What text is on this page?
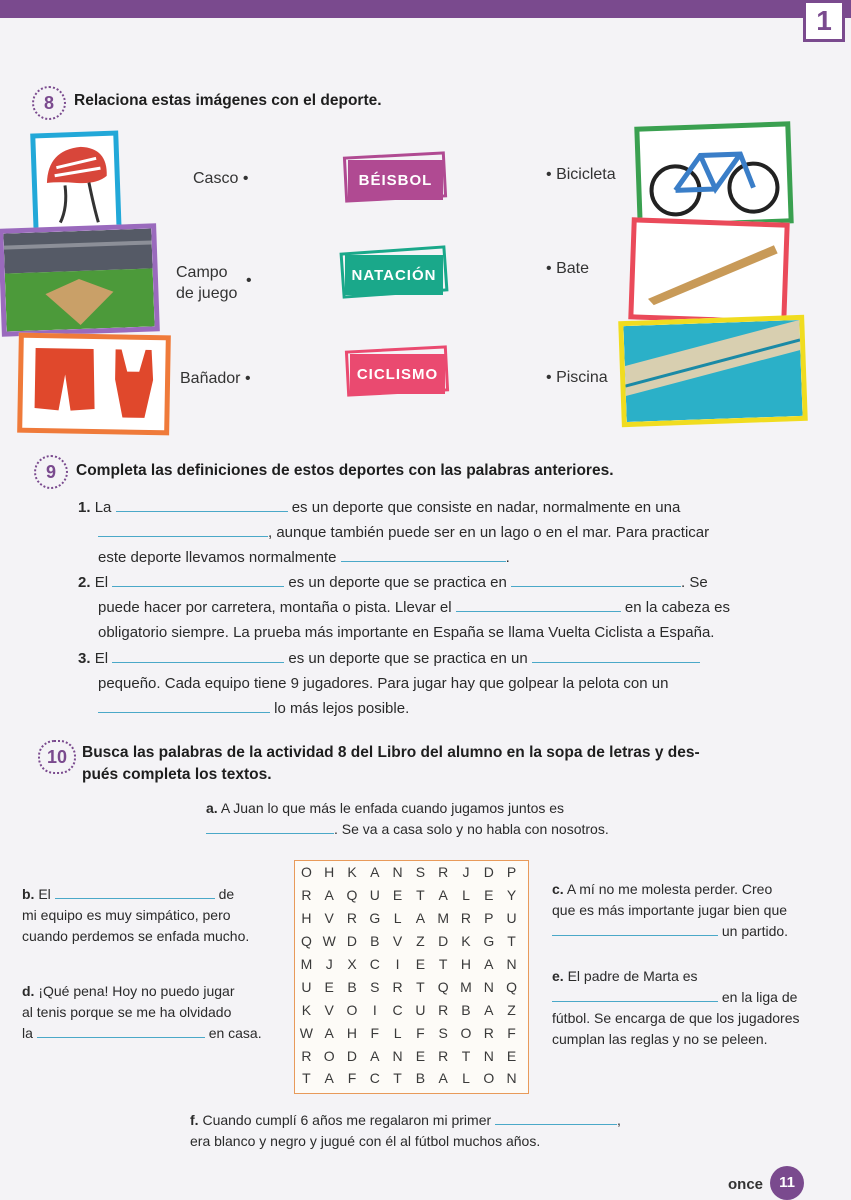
1
8	Relaciona estas imágenes con el deporte.
Casco •
Campo de juego
•
Bañador •
BÉISBOL
NATACIÓN
CICLISMO
• Bicicleta
• Bate
• Piscina
9	Completa las definiciones de estos deportes con las palabras anteriores.
1. La	es un deporte que consiste en nadar, normalmente en una
, aunque también puede ser en un lago o en el mar. Para practicar
este deporte llevamos normalmente	.
2. El	es un deporte que se practica en	. Se
puede hacer por carretera, montaña o pista. Llevar el	en la cabeza es
obligatorio siempre. La prueba más importante en España se llama Vuelta Ciclista a España.
3. El	es un deporte que se practica en un
pequeño. Cada equipo tiene 9 jugadores. Para jugar hay que golpear la pelota con un
lo más lejos posible.
10 Busca las palabras de la actividad 8 del Libro del alumno en la sopa de letras y des-
pués completa los textos.
a. A Juan lo que más le enfada cuando jugamos juntos es
. Se va a casa solo y no habla con nosotros.
b. El	de
mi equipo es muy simpático, pero
cuando perdemos se enfada mucho.
d. ¡Qué pena! Hoy no puedo jugar
al tenis porque se me ha olvidado
la	en casa.
c. A mí no me molesta perder. Creo
que es más importante jugar bien que
un partido.
e. El padre de Marta es
en la liga de
fútbol. Se encarga de que los jugadores
cumplan las reglas y no se peleen.
O	H	K	A	N	S	R	J	D	P
R	A	Q	U	E	T	A	L	E	Y
H	V	R	G	L	A	M	R	P	U
Q	W	D	B	V	Z	D	K	G	T
M	J	X	C	I	E	T	H	A	N
U	E	B	S	R	T	Q	M	N	Q
K	V	O	I	C	U	R	B	A	Z
W	A	H	F	L	F	S	O	R	F
R	O	D	A	N	E	R	T	N	E
T	A	F	C	T	B	A	L	O	N
f. Cuando cumplí 6 años me regalaron mi primer	,
era blanco y negro y jugué con él al fútbol muchos años.
once	11
